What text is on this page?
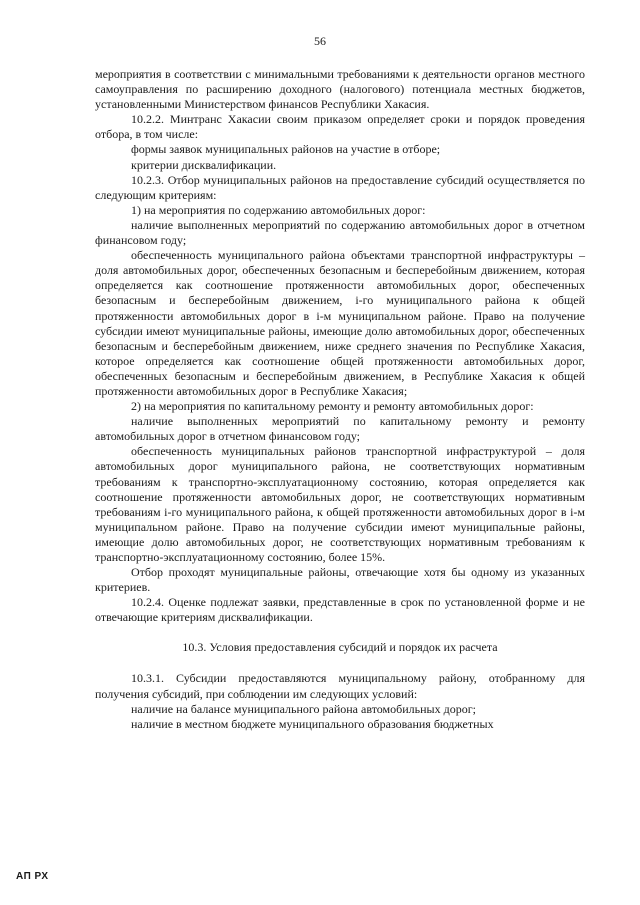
56

мероприятия в соответствии с минимальными требованиями к деятельности органов местного самоуправления по расширению доходного (налогового) потенциала местных бюджетов, установленными Министерством финансов Республики Хакасия.

10.2.2. Минтранс Хакасии своим приказом определяет сроки и порядок проведения отбора, в том числе:

формы заявок муниципальных районов на участие в отборе;

критерии дисквалификации.

10.2.3. Отбор муниципальных районов на предоставление субсидий осуществляется по следующим критериям:

1) на мероприятия по содержанию автомобильных дорог:

наличие выполненных мероприятий по содержанию автомобильных дорог в отчетном финансовом году;

обеспеченность муниципального района объектами транспортной инфраструктуры – доля автомобильных дорог, обеспеченных безопасным и бесперебойным движением, которая определяется как соотношение протяженности автомобильных дорог, обеспеченных безопасным и бесперебойным движением, i-го муниципального района к общей протяженности автомобильных дорог в i-м муниципальном районе. Право на получение субсидии имеют муниципальные районы, имеющие долю автомобильных дорог, обеспеченных безопасным и бесперебойным движением, ниже среднего значения по Республике Хакасия, которое определяется как соотношение общей протяженности автомобильных дорог, обеспеченных безопасным и бесперебойным движением, в Республике Хакасия к общей протяженности автомобильных дорог в Республике Хакасия;

2) на мероприятия по капитальному ремонту и ремонту автомобильных дорог:

наличие выполненных мероприятий по капитальному ремонту и ремонту автомобильных дорог в отчетном финансовом году;

обеспеченность муниципальных районов транспортной инфраструктурой – доля автомобильных дорог муниципального района, не соответствующих нормативным требованиям к транспортно-эксплуатационному состоянию, которая определяется как соотношение протяженности автомобильных дорог, не соответствующих нормативным требованиям i-го муниципального района, к общей протяженности автомобильных дорог в i-м муниципальном районе. Право на получение субсидии имеют муниципальные районы, имеющие долю автомобильных дорог, не соответствующих нормативным требованиям к транспортно-эксплуатационному состоянию, более 15%.

Отбор проходят муниципальные районы, отвечающие хотя бы одному из указанных критериев.

10.2.4. Оценке подлежат заявки, представленные в срок по установленной форме и не отвечающие критериям дисквалификации.

10.3. Условия предоставления субсидий и порядок их расчета

10.3.1. Субсидии предоставляются муниципальному району, отобранному для получения субсидий, при соблюдении им следующих условий:

наличие на балансе муниципального района автомобильных дорог;

наличие в местном бюджете муниципального образования бюджетных

АП РХ
